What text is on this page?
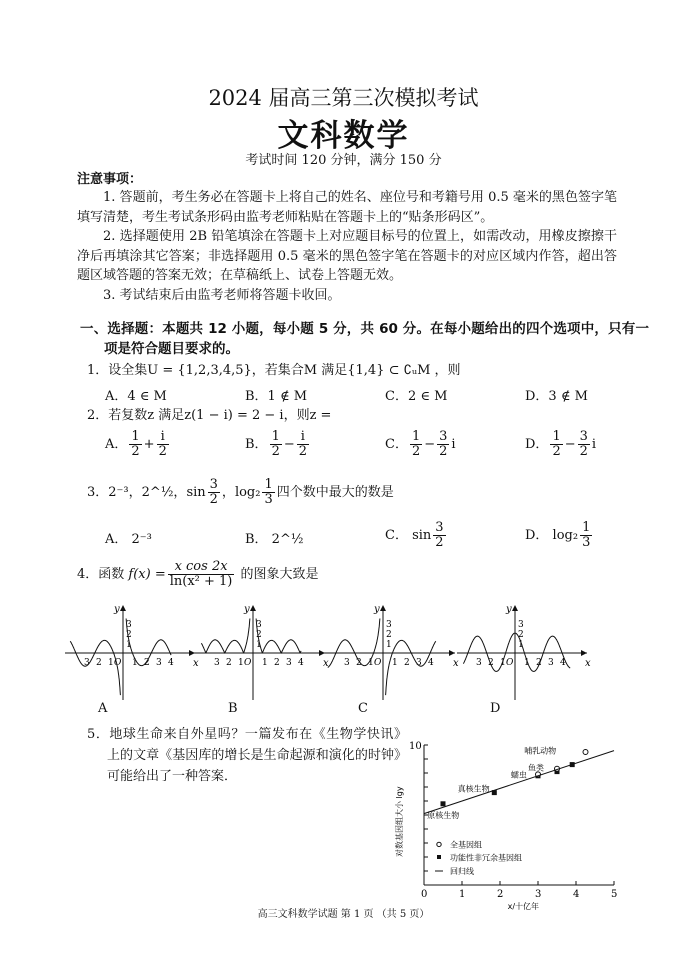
2024 届高三第三次模拟考试
文科数学
考试时间 120 分钟，满分 150 分
注意事项：
1. 答题前，考生务必在答题卡上将自己的姓名、座位号和考籍号用 0.5 毫米的黑色签字笔填写清楚，考生考试条形码由监考老师粘贴在答题卡上的“贴条形码区”。
2. 选择题使用 2B 铅笔填涂在答题卡上对应题目标号的位置上，如需改动，用橡皮擦擦干净后再填涂其它答案；非选择题用 0.5 毫米的黑色签字笔在答题卡的对应区域内作答，超出答题区域答题的答案无效；在草稿纸上、试卷上答题无效。
3. 考试结束后由监考老师将答题卡收回。
一、选择题：本题共 12 小题，每小题 5 分，共 60 分。在每小题给出的四个选项中，只有一项是符合题目要求的。
1．设全集U = {1,2,3,4,5}，若集合M 满足{1,4} ⊂ ∁ᵤM ，则
A．4 ∈ M	B．1 ∉ M	C．2 ∈ M	D．3 ∉ M
2．若复数z 满足z(1 − i) = 2 − i，则z =
A． $\frac{1}{2} + \frac{i}{2}$	B． $\frac{1}{2} - \frac{i}{2}$	C． $\frac{1}{2} - \frac{3}{2}$ i	D． $\frac{1}{2} - \frac{3}{2}$ i
3．2⁻³，2^½，$\sin \frac{3}{2}$ ，$\log_2 \frac{1}{3}$ 四个数中最大的数是
A． 2⁻³	B． 2^½	C． $\sin \frac{3}{2}$	D． $\log_2 \frac{1}{3}$
4．函数 $f(x) = \frac{\text{x cos 2x}}{\text{ln(x² + 1)}}$ 的图象大致是
3 2 1 1 2 3 4
1
2
3
x
y
O
A
3 2 1 1 2 3 4
1
2
3
x
y
O
B
3 2 1 1 2 3 4
1
2
3
x
y
O
C
3 2 1 1 2 3 4
1
2
3
x
y
O
D
5．地球生命来自外星吗？一篇发布在《生物学快讯》上的文章《基因库的增长是生命起源和演化的时钟》可能给出了一种答案．
0	1	2	3	4	5
10
x/十亿年
对数基因组大小 lgy	原核生物
真核生物
蠕虫
鱼类
哺乳动物
全基因组
功能性非冗余基因组
回归线
高三文科数学试题 第 1 页 （共 5 页）
